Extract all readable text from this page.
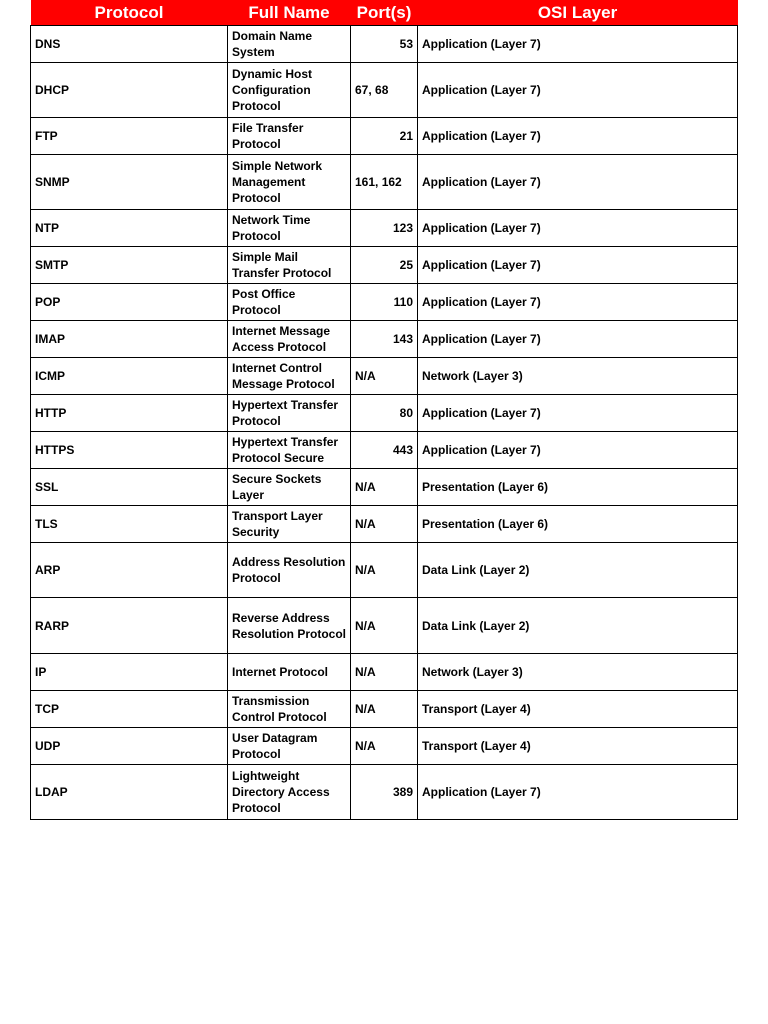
Protocol	Full Name	Port(s)	OSI Layer
DNS	Domain Name System	53	Application (Layer 7)
DHCP	Dynamic Host Configuration Protocol	67, 68	Application (Layer 7)
FTP	File Transfer Protocol	21	Application (Layer 7)
SNMP	Simple Network Management Protocol	161, 162	Application (Layer 7)
NTP	Network Time Protocol	123	Application (Layer 7)
SMTP	Simple Mail Transfer Protocol	25	Application (Layer 7)
POP	Post Office Protocol	110	Application (Layer 7)
IMAP	Internet Message Access Protocol	143	Application (Layer 7)
ICMP	Internet Control Message Protocol	N/A	Network (Layer 3)
HTTP	Hypertext Transfer Protocol	80	Application (Layer 7)
HTTPS	Hypertext Transfer Protocol Secure	443	Application (Layer 7)
SSL	Secure Sockets Layer	N/A	Presentation (Layer 6)
TLS	Transport Layer Security	N/A	Presentation (Layer 6)
ARP	Address Resolution Protocol	N/A	Data Link (Layer 2)
RARP	Reverse Address Resolution Protocol	N/A	Data Link (Layer 2)
IP	Internet Protocol	N/A	Network (Layer 3)
TCP	Transmission Control Protocol	N/A	Transport (Layer 4)
UDP	User Datagram Protocol	N/A	Transport (Layer 4)
LDAP	Lightweight Directory Access Protocol	389	Application (Layer 7)
